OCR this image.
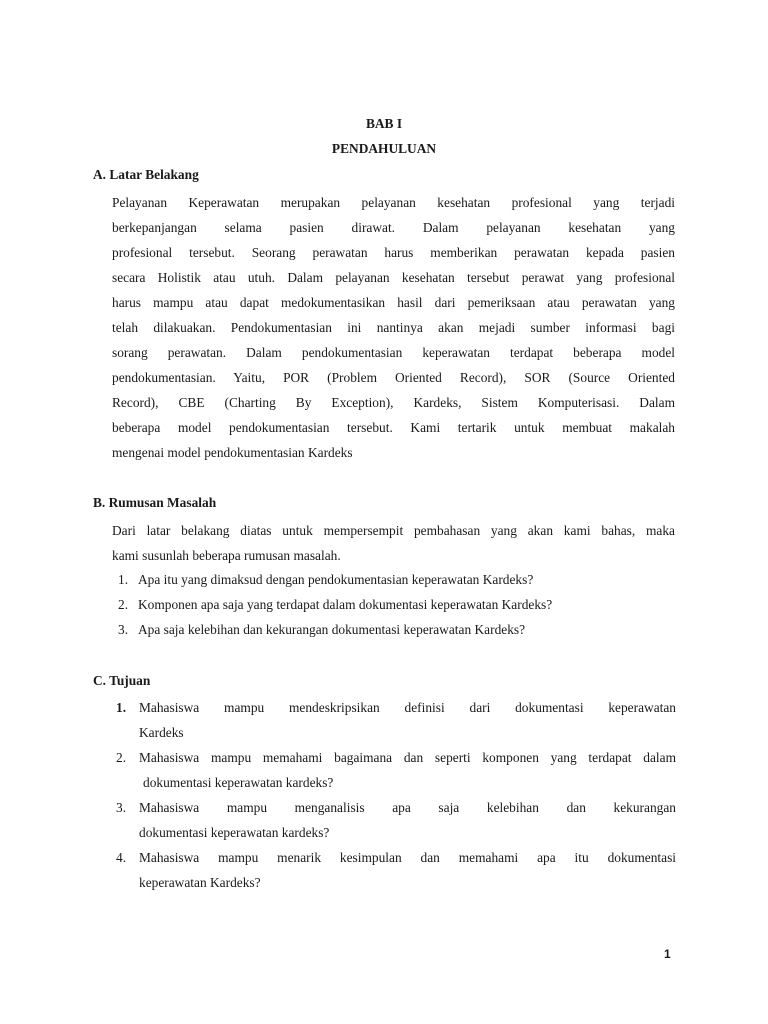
BAB I
PENDAHULUAN
A. Latar Belakang
Pelayanan Keperawatan merupakan pelayanan kesehatan profesional yang terjadi
berkepanjangan selama pasien dirawat. Dalam pelayanan kesehatan yang
profesional tersebut. Seorang perawatan harus memberikan perawatan kepada pasien
secara Holistik atau utuh. Dalam pelayanan kesehatan tersebut perawat yang profesional
harus mampu atau dapat medokumentasikan hasil dari pemeriksaan atau perawatan yang
telah dilakuakan. Pendokumentasian ini nantinya akan mejadi sumber informasi bagi
sorang perawatan. Dalam pendokumentasian keperawatan terdapat beberapa model
pendokumentasian. Yaitu, POR (Problem Oriented Record), SOR (Source Oriented
Record), CBE (Charting By Exception), Kardeks, Sistem Komputerisasi. Dalam
beberapa model pendokumentasian tersebut. Kami tertarik untuk membuat makalah
mengenai model pendokumentasian Kardeks
B. Rumusan Masalah
Dari latar belakang diatas untuk mempersempit pembahasan yang akan kami bahas, maka
kami susunlah beberapa rumusan masalah.
1. Apa itu yang dimaksud dengan pendokumentasian keperawatan Kardeks?
2. Komponen apa saja yang terdapat dalam dokumentasi keperawatan Kardeks?
3. Apa saja kelebihan dan kekurangan dokumentasi keperawatan Kardeks?
C. Tujuan
1. Mahasiswa mampu mendeskripsikan definisi dari dokumentasi keperawatan
Kardeks
2. Mahasiswa mampu memahami bagaimana dan seperti komponen yang terdapat dalam
dokumentasi keperawatan kardeks?
3. Mahasiswa mampu menganalisis apa saja kelebihan dan kekurangan
dokumentasi keperawatan kardeks?
4. Mahasiswa mampu menarik kesimpulan dan memahami apa itu dokumentasi
keperawatan Kardeks?
1
